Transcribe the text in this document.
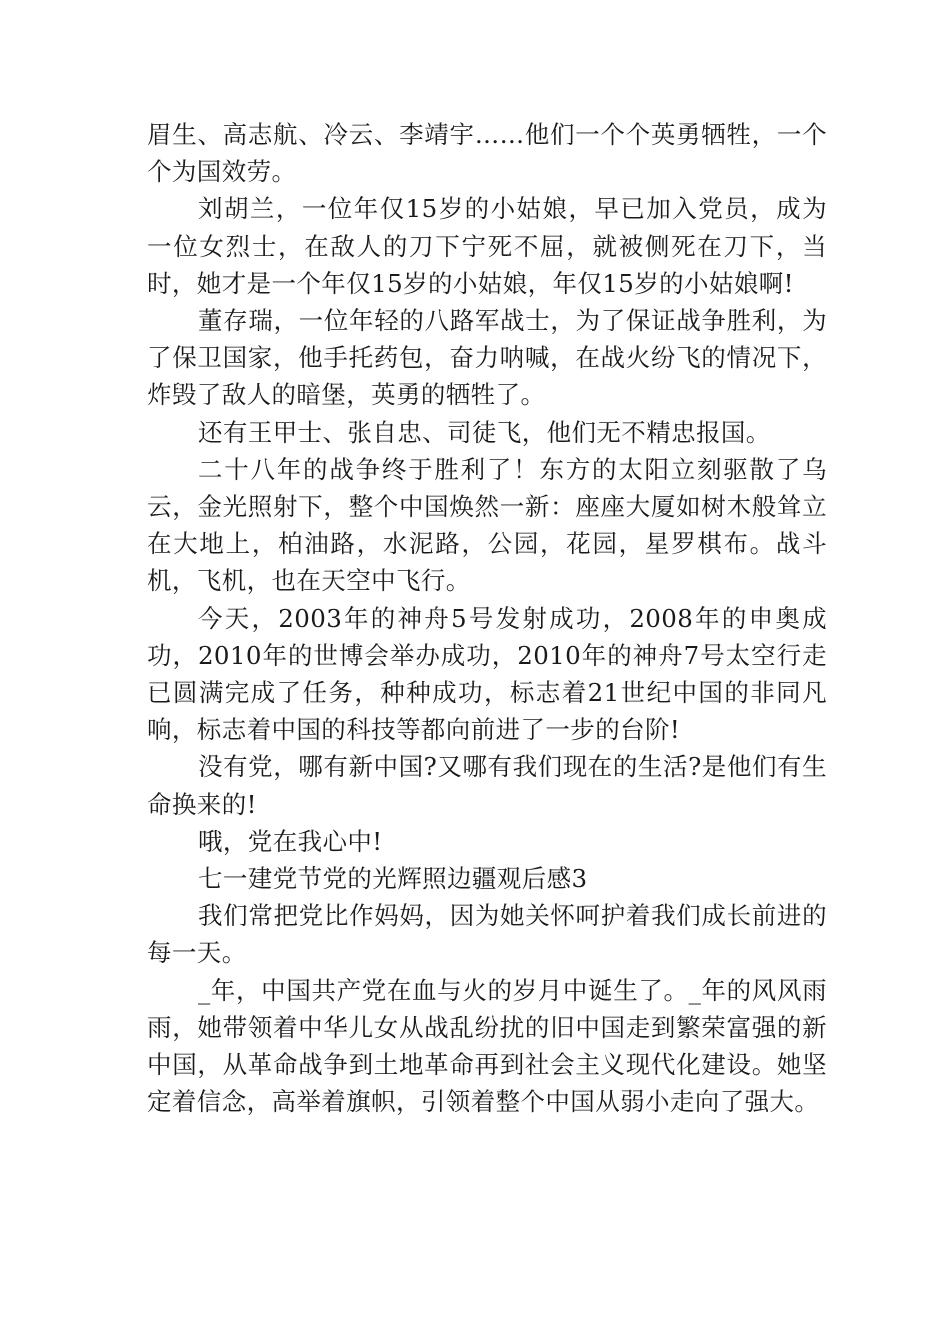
眉生、高志航、冷云、李靖宇……他们一个个英勇牺牲，一个个为国效劳。

刘胡兰，一位年仅15岁的小姑娘，早已加入党员，成为一位女烈士，在敌人的刀下宁死不屈，就被侧死在刀下，当时，她才是一个年仅15岁的小姑娘，年仅15岁的小姑娘啊!

董存瑞，一位年轻的八路军战士，为了保证战争胜利，为了保卫国家，他手托药包，奋力呐喊，在战火纷飞的情况下，炸毁了敌人的暗堡，英勇的牺牲了。

还有王甲士、张自忠、司徒飞，他们无不精忠报国。

二十八年的战争终于胜利了！东方的太阳立刻驱散了乌云，金光照射下，整个中国焕然一新：座座大厦如树木般耸立在大地上，柏油路，水泥路，公园，花园，星罗棋布。战斗机，飞机，也在天空中飞行。

今天，2003年的神舟5号发射成功，2008年的申奥成功，2010年的世博会举办成功，2010年的神舟7号太空行走已圆满完成了任务，种种成功，标志着21世纪中国的非同凡响，标志着中国的科技等都向前进了一步的台阶!

没有党，哪有新中国?又哪有我们现在的生活?是他们有生命换来的!

哦，党在我心中!

七一建党节党的光辉照边疆观后感3

我们常把党比作妈妈，因为她关怀呵护着我们成长前进的每一天。

_年，中国共产党在血与火的岁月中诞生了。_年的风风雨雨，她带领着中华儿女从战乱纷扰的旧中国走到繁荣富强的新中国，从革命战争到土地革命再到社会主义现代化建设。她坚定着信念，高举着旗帜，引领着整个中国从弱小走向了强大。
